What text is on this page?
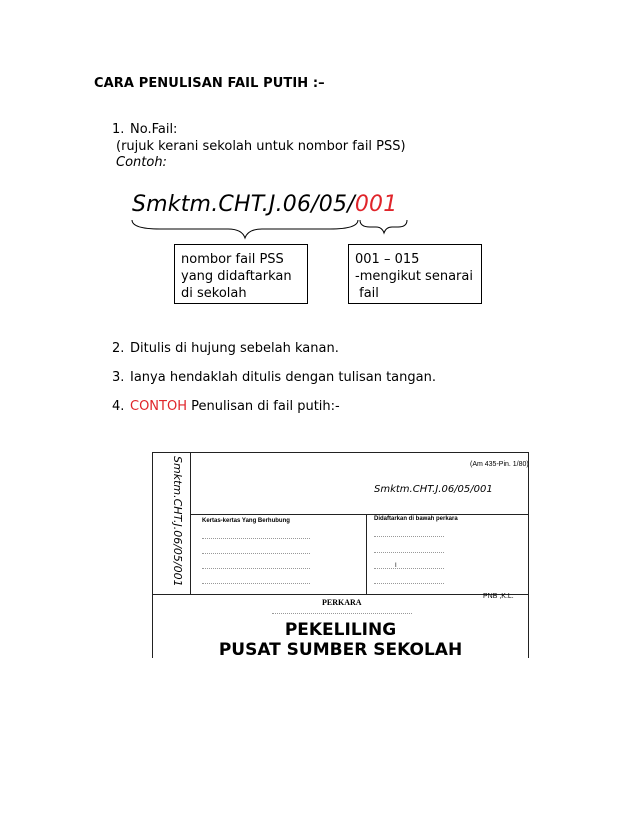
CARA PENULISAN FAIL PUTIH :–
1. No.Fail:
(rujuk kerani sekolah untuk nombor fail PSS)
Contoh:
Smktm.CHT.J.06/05/001
nombor fail PSS
yang didaftarkan
di sekolah
001 – 015
-mengikut senarai
fail
2. Ditulis di hujung sebelah kanan.
3. Ianya hendaklah ditulis dengan tulisan tangan.
4. CONTOH Penulisan di fail putih:-
Smktm.CHT.J.06/05/001	(Am 435-Pin. 1/80)
Smktm.CHT.J.06/05/001
Kertas-kertas Yang Berhubung	Didaftarkan di bawah perkara
I
PERKARA
PNB ,K.L.
PEKELILING
PUSAT SUMBER SEKOLAH
